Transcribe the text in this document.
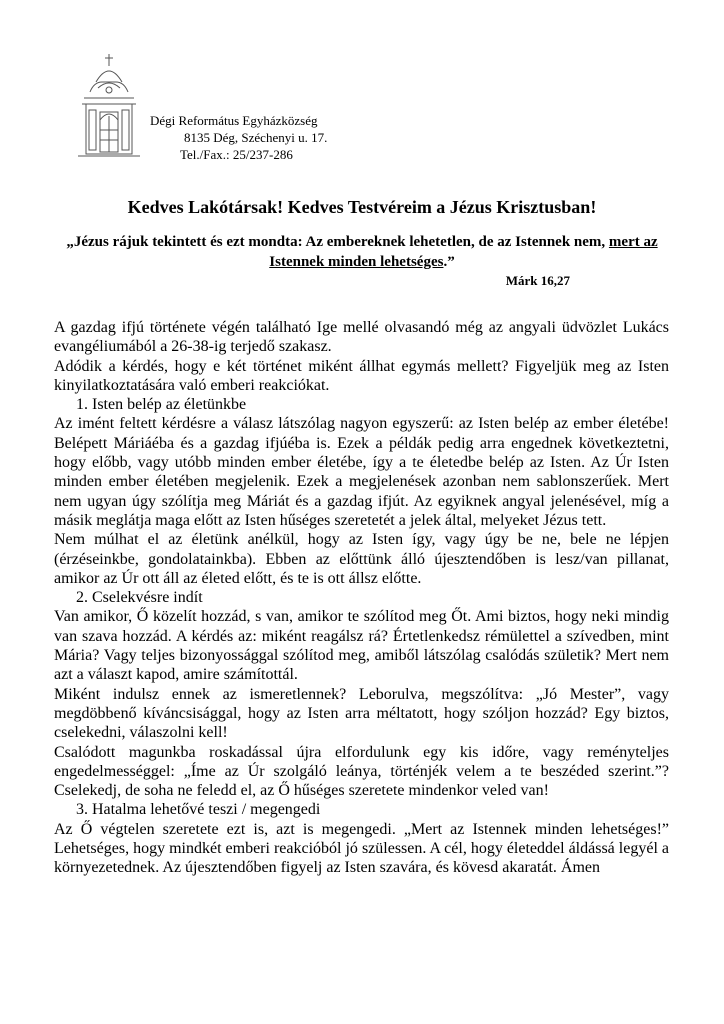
Dégi Református Egyházközség
8135 Dég, Széchenyi u. 17.
Tel./Fax.: 25/237-286
Kedves Lakótársak! Kedves Testvéreim a Jézus Krisztusban!
„Jézus rájuk tekintett és ezt mondta: Az embereknek lehetetlen, de az Istennek nem, mert az Istennek minden lehetséges.”
Márk 16,27

A gazdag ifjú története végén található Ige mellé olvasandó még az angyali üdvözlet Lukács evangéliumából a 26-38-ig terjedő szakasz.

Adódik a kérdés, hogy e két történet miként állhat egymás mellett? Figyeljük meg az Isten kinyilatkoztatására való emberi reakciókat.

1. Isten belép az életünkbe

Az imént feltett kérdésre a válasz látszólag nagyon egyszerű: az Isten belép az ember életébe! Belépett Máriáéba és a gazdag ifjúéba is. Ezek a példák pedig arra engednek következtetni, hogy előbb, vagy utóbb minden ember életébe, így a te életedbe belép az Isten. Az Úr Isten minden ember életében megjelenik. Ezek a megjelenések azonban nem sablonszerűek. Mert nem ugyan úgy szólítja meg Máriát és a gazdag ifjút. Az egyiknek angyal jelenésével, míg a másik meglátja maga előtt az Isten hűséges szeretetét a jelek által, melyeket Jézus tett.

Nem múlhat el az életünk anélkül, hogy az Isten így, vagy úgy be ne, bele ne lépjen (érzéseinkbe, gondolatainkba). Ebben az előttünk álló újesztendőben is lesz/van pillanat, amikor az Úr ott áll az életed előtt, és te is ott állsz előtte.

2. Cselekvésre indít

Van amikor, Ő közelít hozzád, s van, amikor te szólítod meg Őt. Ami biztos, hogy neki mindig van szava hozzád. A kérdés az: miként reagálsz rá? Értetlenkedsz rémülettel a szívedben, mint Mária? Vagy teljes bizonyossággal szólítod meg, amiből látszólag csalódás születik? Mert nem azt a választ kapod, amire számítottál.

Miként indulsz ennek az ismeretlennek? Leborulva, megszólítva: „Jó Mester”, vagy megdöbbenő kíváncsisággal, hogy az Isten arra méltatott, hogy szóljon hozzád? Egy biztos, cselekedni, válaszolni kell!

Csalódott magunkba roskadással újra elfordulunk egy kis időre, vagy reményteljes engedelmességgel: „Íme az Úr szolgáló leánya, történjék velem a te beszéded szerint.”? Cselekedj, de soha ne feledd el, az Ő hűséges szeretete mindenkor veled van!

3. Hatalma lehetővé teszi / megengedi

Az Ő végtelen szeretete ezt is, azt is megengedi. „Mert az Istennek minden lehetséges!” Lehetséges, hogy mindkét emberi reakcióból jó szülessen. A cél, hogy életeddel áldássá legyél a környezetednek. Az újesztendőben figyelj az Isten szavára, és kövesd akaratát. Ámen
